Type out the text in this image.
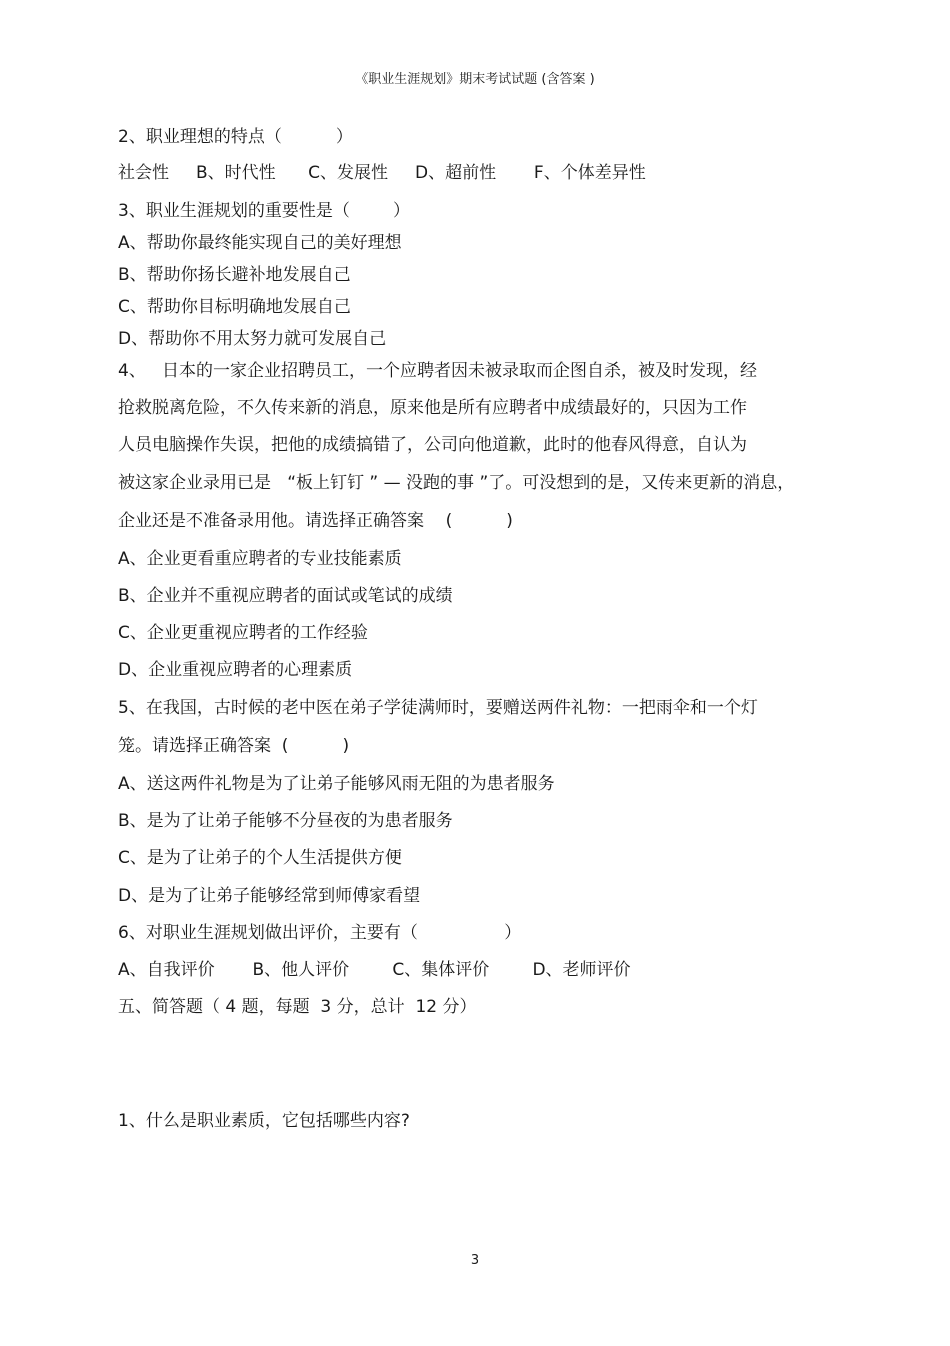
《职业生涯规划》期末考试试题 (含答案 )
2、职业理想的特点（          ）
社会性     B、时代性      C、发展性     D、超前性       F、个体差异性
3、职业生涯规划的重要性是（        ）
A、帮助你最终能实现自己的美好理想
B、帮助你扬长避补地发展自己
C、帮助你目标明确地发展自己
D、帮助你不用太努力就可发展自己
4、   日本的一家企业招聘员工，一个应聘者因未被录取而企图自杀，被及时发现，经
抢救脱离危险，不久传来新的消息，原来他是所有应聘者中成绩最好的，只因为工作
人员电脑操作失误，把他的成绩搞错了，公司向他道歉，此时的他春风得意，自认为
被这家企业录用已是   “板上钉钉 ” — 没跑的事 ”了。可没想到的是，又传来更新的消息，
企业还是不准备录用他。请选择正确答案    (          )
A、企业更看重应聘者的专业技能素质
B、企业并不重视应聘者的面试或笔试的成绩
C、企业更重视应聘者的工作经验
D、企业重视应聘者的心理素质
5、在我国，古时候的老中医在弟子学徒满师时，要赠送两件礼物：一把雨伞和一个灯
笼。请选择正确答案  (          )
A、送这两件礼物是为了让弟子能够风雨无阻的为患者服务
B、是为了让弟子能够不分昼夜的为患者服务
C、是为了让弟子的个人生活提供方便
D、是为了让弟子能够经常到师傅家看望
6、对职业生涯规划做出评价，主要有（                ）
A、自我评价       B、他人评价        C、集体评价        D、老师评价
五、简答题（ 4 题，每题  3 分，总计  12 分）
1、什么是职业素质，它包括哪些内容?
3
